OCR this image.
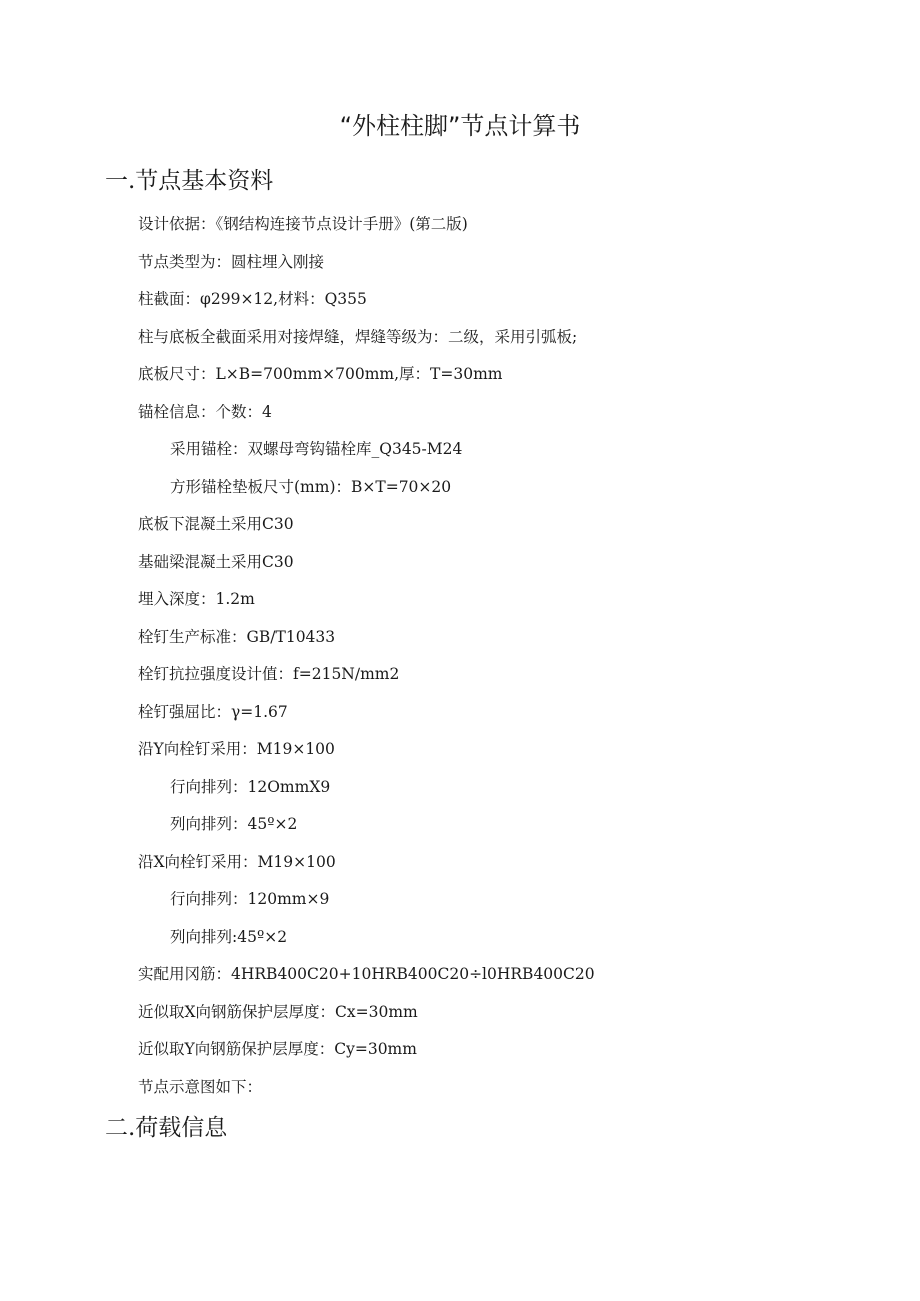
“外柱柱脚”节点计算书
一.节点基本资料
设计依据：《钢结构连接节点设计手册》(第二版)
节点类型为：圆柱埋入刚接
柱截面：φ299×12,材料：Q355
柱与底板全截面采用对接焊缝，焊缝等级为：二级，采用引弧板;
底板尺寸：L×B=700mm×700mm,厚：T=30mm
锚栓信息：个数：4
采用锚栓：双螺母弯钩锚栓库_Q345-M24
方形锚栓垫板尺寸(mm)：B×T=70×20
底板下混凝土采用C30
基础梁混凝土采用C30
埋入深度：1.2m
栓钉生产标准：GB/T10433
栓钉抗拉强度设计值：f=215N∕mm2
栓钉强屈比：γ=1.67
沿Y向栓钉采用：M19×100
行向排列：12OmmX9
列向排列：45º×2
沿X向栓钉采用：M19×100
行向排列：120mm×9
列向排列:45º×2
实配用冈筋：4HRB400C20+10HRB400C20÷l0HRB400C20
近似取X向钢筋保护层厚度：Cx=30mm
近似取Y向钢筋保护层厚度：Cy=30mm
节点示意图如下：
二.荷载信息
